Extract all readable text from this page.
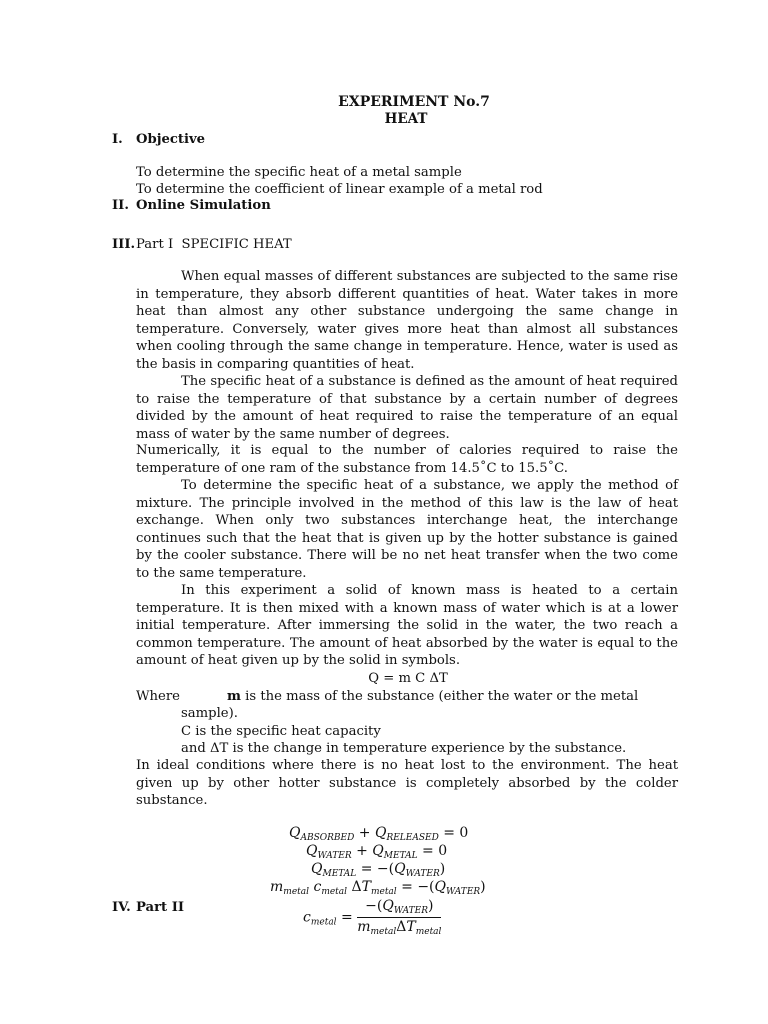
EXPERIMENT No.7
HEAT
I. Objective
To determine the specific heat of a metal sample
To determine the coefficient of linear example of a metal rod
II. Online Simulation
III. Part I  SPECIFIC HEAT

When equal masses of different substances are subjected to the same rise in temperature, they absorb different quantities of heat. Water takes in more heat than almost any other substance undergoing the same change in temperature. Conversely, water gives more heat than almost all substances when cooling through the same change in temperature. Hence, water is used as the basis in comparing quantities of heat.

The specific heat of a substance is defined as the amount of heat required to raise the temperature of that substance by a certain number of degrees divided by the amount of heat required to raise the temperature of an equal mass of water by the same number of degrees.

Numerically, it is equal to the number of calories required to raise the temperature of one ram of the substance from 14.5˚C to 15.5˚C.

To determine the specific heat of a substance, we apply the method of mixture. The principle involved in the method of this law is the law of heat exchange. When only two substances interchange heat, the interchange continues such that the heat that is given up by the hotter substance is gained by the cooler substance. There will be no net heat transfer when the two come to the same temperature.

In this experiment a solid of known mass is heated to a certain temperature. It is then mixed with a known mass of water which is at a lower initial temperature. After immersing the solid in the water, the two reach a common temperature. The amount of heat absorbed by the water is equal to the amount of heat given up by the solid in symbols.

Q = m C ΔT
Where	m is the mass of the substance (either the water or the metal
sample).
C is the specific heat capacity
and ΔT is the change in temperature experience by the substance.
In ideal conditions where there is no heat lost to the environment. The heat given up by other hotter substance is completely absorbed by the colder substance.
$Q_{ABSORBED} + Q_{RELEASED} = 0$
$Q_{WATER} + Q_{METAL} = 0$
$Q_{METAL} = -(Q_{WATER})$
$m_{metal}$ $c_{metal}$ $\Delta T_{metal} = -(Q_{WATER})$
IV. Part II
$c_{metal} = \frac{-(Q_{WATER})}{m_{metal}\Delta T_{metal}}$
